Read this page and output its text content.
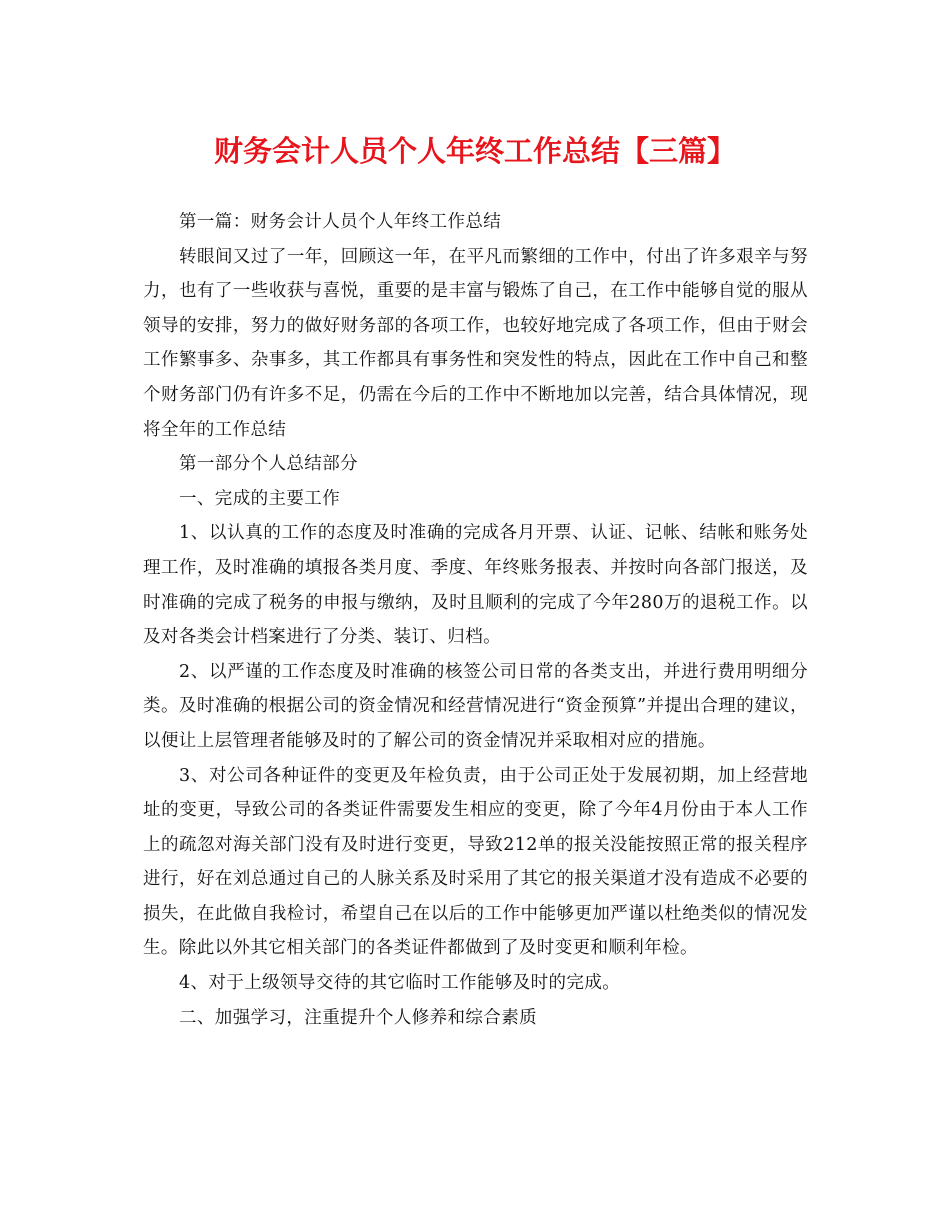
财务会计人员个人年终工作总结【三篇】

第一篇：财务会计人员个人年终工作总结

转眼间又过了一年，回顾这一年，在平凡而繁细的工作中，付出了许多艰辛与努力，也有了一些收获与喜悦，重要的是丰富与锻炼了自己，在工作中能够自觉的服从领导的安排，努力的做好财务部的各项工作，也较好地完成了各项工作，但由于财会工作繁事多、杂事多，其工作都具有事务性和突发性的特点，因此在工作中自己和整个财务部门仍有许多不足，仍需在今后的工作中不断地加以完善，结合具体情况，现将全年的工作总结

第一部分个人总结部分

一、完成的主要工作

1、以认真的工作的态度及时准确的完成各月开票、认证、记帐、结帐和账务处理工作，及时准确的填报各类月度、季度、年终账务报表、并按时向各部门报送，及时准确的完成了税务的申报与缴纳，及时且顺利的完成了今年280万的退税工作。以及对各类会计档案进行了分类、装订、归档。

2、以严谨的工作态度及时准确的核签公司日常的各类支出，并进行费用明细分类。及时准确的根据公司的资金情况和经营情况进行“资金预算”并提出合理的建议，以便让上层管理者能够及时的了解公司的资金情况并采取相对应的措施。

3、对公司各种证件的变更及年检负责，由于公司正处于发展初期，加上经营地址的变更，导致公司的各类证件需要发生相应的变更，除了今年4月份由于本人工作上的疏忽对海关部门没有及时进行变更，导致212单的报关没能按照正常的报关程序进行，好在刘总通过自己的人脉关系及时采用了其它的报关渠道才没有造成不必要的损失，在此做自我检讨，希望自己在以后的工作中能够更加严谨以杜绝类似的情况发生。除此以外其它相关部门的各类证件都做到了及时变更和顺利年检。

4、对于上级领导交待的其它临时工作能够及时的完成。

二、加强学习，注重提升个人修养和综合素质
